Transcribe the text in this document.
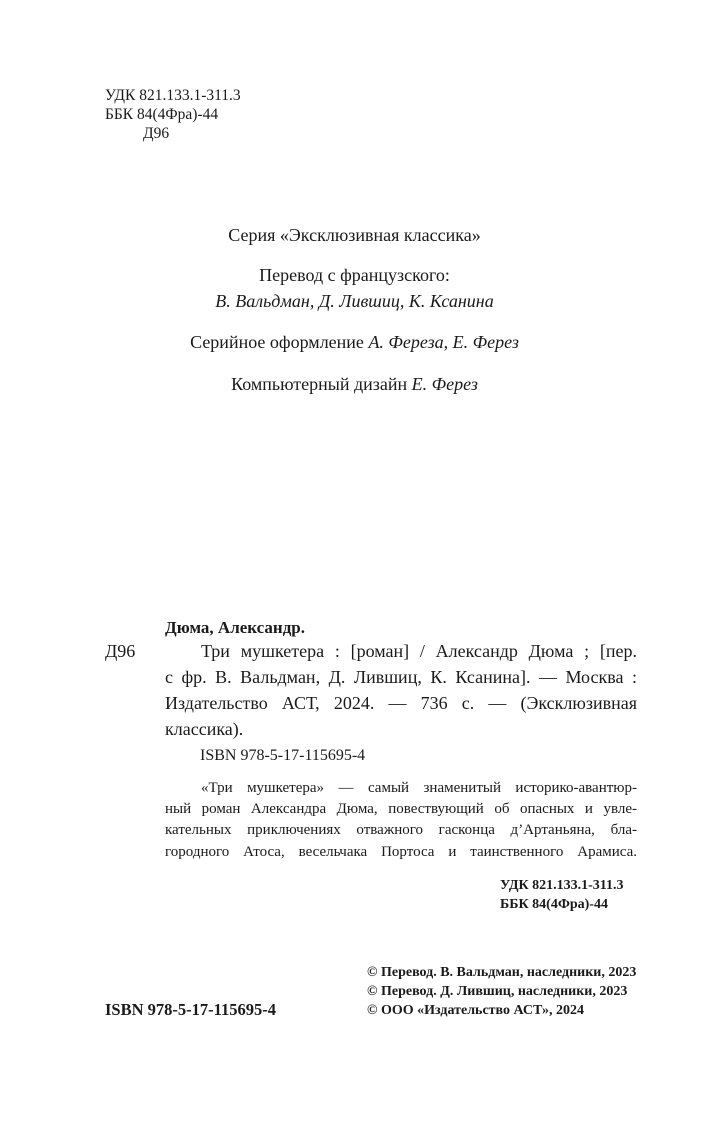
УДК 821.133.1-311.3
ББК 84(4Фра)-44
Д96
Серия «Эксклюзивная классика»
Перевод с французского:
В. Вальдман, Д. Лившиц, К. Ксанина
Серийное оформление А. Фереза, Е. Ферез
Компьютерный дизайн Е. Ферез
Дюма, Александр.
Д96	Три мушкетера : [роман] / Александр Дюма ; [пер.
с фр. В. Вальдман, Д. Лившиц, К. Ксанина]. — Москва :
Издательство АСТ, 2024. — 736 с. — (Эксклюзивная
классика).
ISBN 978-5-17-115695-4
«Три мушкетера» — самый знаменитый историко-авантюр-
ный роман Александра Дюма, повествующий об опасных и увле-
кательных приключениях отважного гасконца д’Артаньяна, бла-
городного Атоса, весельчака Портоса и таинственного Арамиса.
УДК 821.133.1-311.3
ББК 84(4Фра)-44
ISBN 978-5-17-115695-4
© Перевод. В. Вальдман, наследники, 2023
© Перевод. Д. Лившиц, наследники, 2023
© ООО «Издательство АСТ», 2024
